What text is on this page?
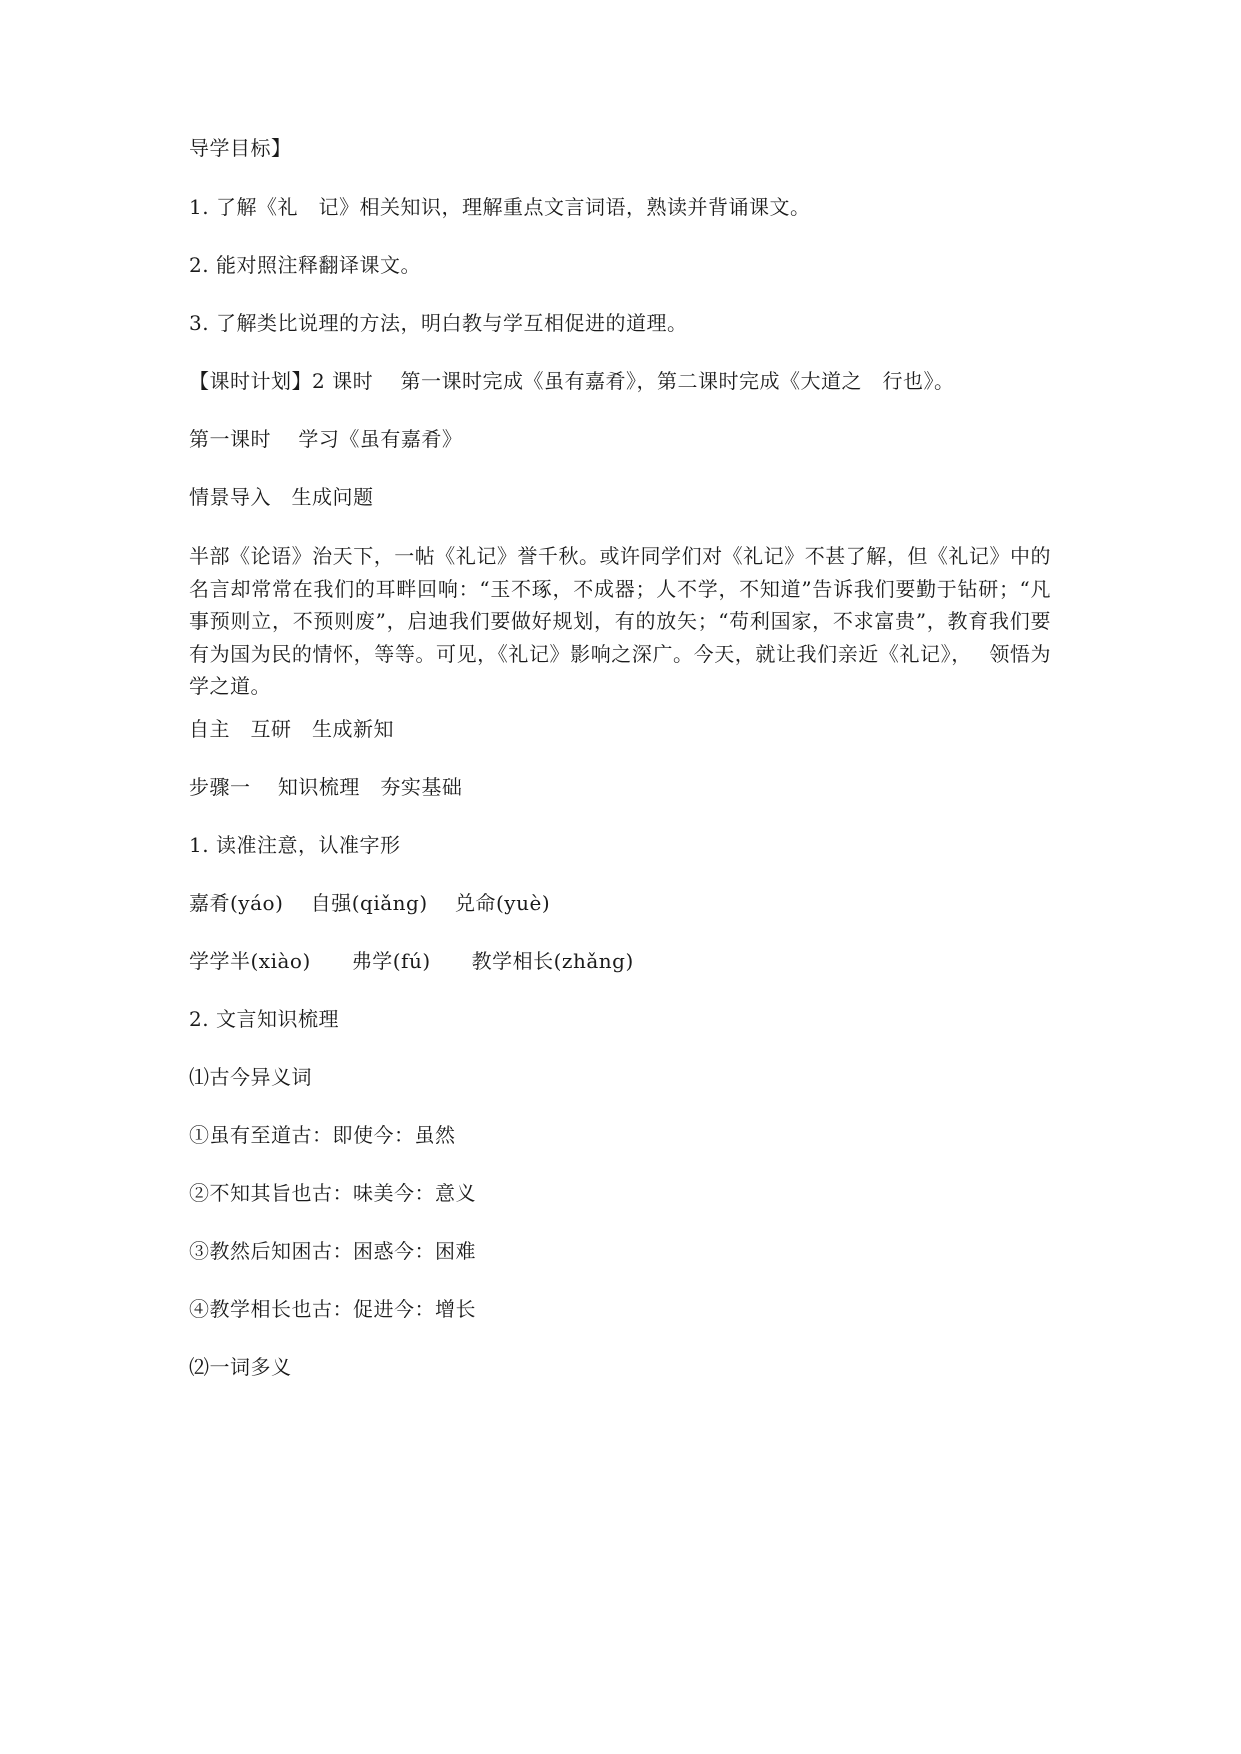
导学目标】
1. 了解《礼　记》相关知识，理解重点文言词语，熟读并背诵课文。
2. 能对照注释翻译课文。
3. 了解类比说理的方法，明白教与学互相促进的道理。
【课时计划】2 课时　 第一课时完成《虽有嘉肴》，第二课时完成《大道之　行也》。
第一课时　 学习《虽有嘉肴》
情景导入　生成问题
半部《论语》治天下，一帖《礼记》誉千秋。或许同学们对《礼记》不甚了解，但《礼记》中的名言却常常在我们的耳畔回响：“玉不琢，不成器；人不学，不知道”告诉我们要勤于钻研；“凡事预则立，不预则废”，启迪我们要做好规划，有的放矢；“苟利国家，不求富贵”，教育我们要有为国为民的情怀，等等。可见，《礼记》影响之深广。今天，就让我们亲近《礼记》，　 领悟为学之道。
自主　互研　生成新知
步骤一　 知识梳理　夯实基础
1. 读准注意，认准字形
嘉肴(yáo)　 自强(qiǎng)　 兑命(yuè)
学学半(xiào)　　弗学(fú)　　教学相长(zhǎng)
2. 文言知识梳理
⑴古今异义词
①虽有至道古：即使今：虽然
②不知其旨也古：味美今：意义
③教然后知困古：困惑今：困难
④教学相长也古：促进今：增长
⑵一词多义
